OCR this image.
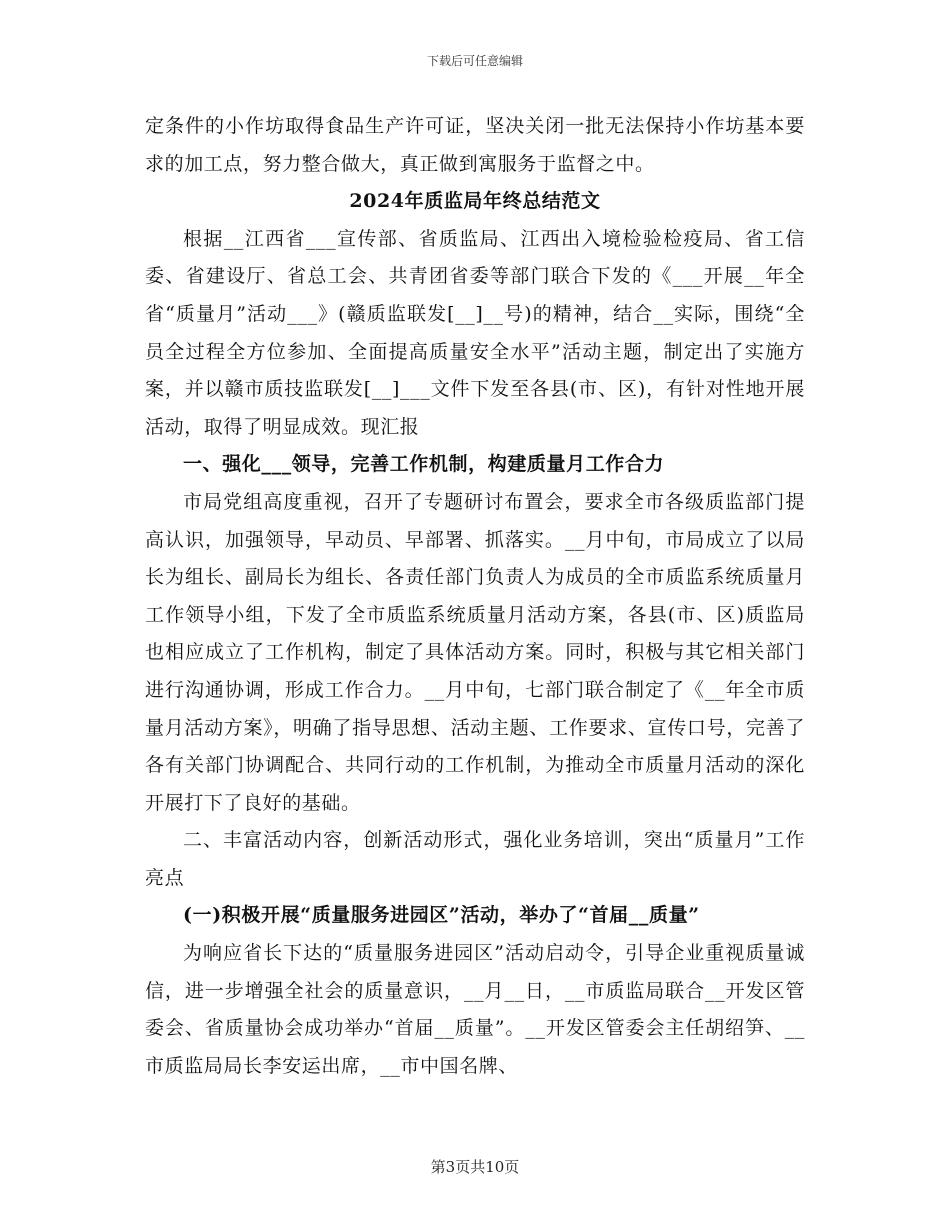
下载后可任意编辑

定条件的小作坊取得食品生产许可证，坚决关闭一批无法保持小作坊基本要求的加工点，努力整合做大，真正做到寓服务于监督之中。

2024年质监局年终总结范文

根据__江西省___宣传部、省质监局、江西出入境检验检疫局、省工信委、省建设厅、省总工会、共青团省委等部门联合下发的《___开展__年全省“质量月”活动___》(赣质监联发[__]__号)的精神，结合__实际，围绕“全员全过程全方位参加、全面提高质量安全水平”活动主题，制定出了实施方案，并以赣市质技监联发[__]___文件下发至各县(市、区)，有针对性地开展活动，取得了明显成效。现汇报

一、强化___领导，完善工作机制，构建质量月工作合力

市局党组高度重视，召开了专题研讨布置会，要求全市各级质监部门提高认识，加强领导，早动员、早部署、抓落实。__月中旬，市局成立了以局长为组长、副局长为组长、各责任部门负责人为成员的全市质监系统质量月工作领导小组，下发了全市质监系统质量月活动方案，各县(市、区)质监局也相应成立了工作机构，制定了具体活动方案。同时，积极与其它相关部门进行沟通协调，形成工作合力。__月中旬，七部门联合制定了《__年全市质量月活动方案》，明确了指导思想、活动主题、工作要求、宣传口号，完善了各有关部门协调配合、共同行动的工作机制，为推动全市质量月活动的深化开展打下了良好的基础。

二、丰富活动内容，创新活动形式，强化业务培训，突出“质量月”工作亮点

(一)积极开展“质量服务进园区”活动，举办了“首届__质量”

为响应省长下达的“质量服务进园区”活动启动令，引导企业重视质量诚信，进一步增强全社会的质量意识，__月__日，__市质监局联合__开发区管委会、省质量协会成功举办“首届__质量”。__开发区管委会主任胡绍笋、__市质监局局长李安运出席，__市中国名牌、

第3页共10页
